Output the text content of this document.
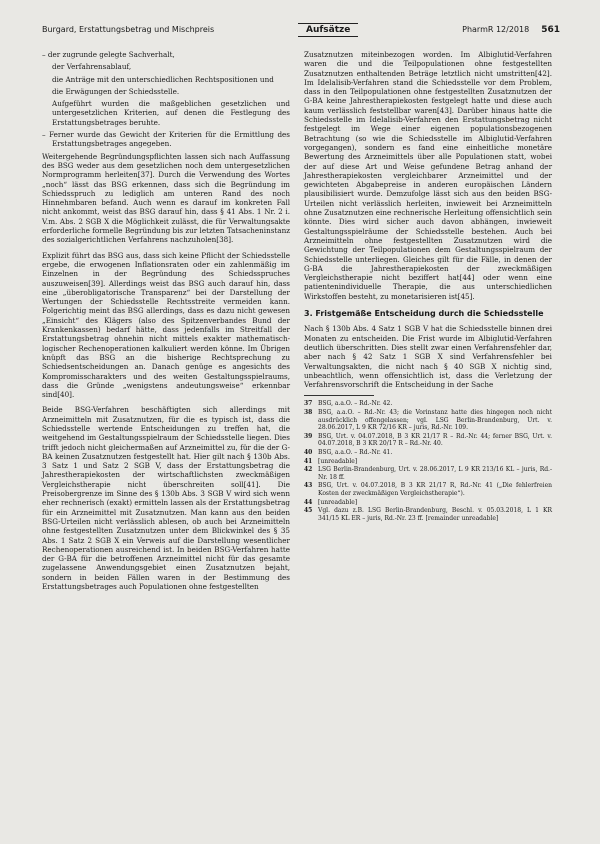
Burgard, Erstattungsbetrag und Mischpreis	Aufsätze	PharmR 12/2018 561

– der zugrunde gelegte Sachverhalt,

der Verfahrensablauf,

die Anträge mit den unterschiedlichen Rechtspositionen und

die Erwägungen der Schiedsstelle.

Aufgeführt wurden die maßgeblichen gesetzlichen und untergesetzlichen Kriterien, auf denen die Festlegung des Erstattungsbetrages beruhte.

– Ferner wurde das Gewicht der Kriterien für die Ermittlung des Erstattungsbetrages angegeben.

Weitergehende Begründungspflichten lassen sich nach Auffassung des BSG weder aus dem gesetzlichen noch dem untergesetzlichen Normprogramm herleiten[37]. Durch die Verwendung des Wortes „noch“ lässt das BSG erkennen, dass sich die Begründung im Schiedsspruch zu lediglich am unteren Rand des noch Hinnehmbaren befand. Auch wenn es darauf im konkreten Fall nicht ankommt, weist das BSG darauf hin, dass § 41 Abs. 1 Nr. 2 i. V.m. Abs. 2 SGB X die Möglichkeit zulässt, die für Verwaltungsakte erforderliche formelle Begründung bis zur letzten Tatsacheninstanz des sozialgerichtlichen Verfahrens nachzuholen[38].

Explizit führt das BSG aus, dass sich keine Pflicht der Schiedsstelle ergebe, die erwogenen Inflationsraten oder ein zahlenmäßig im Einzelnen in der Begründung des Schiedsspruches auszuweisen[39]. Allerdings weist das BSG auch darauf hin, dass eine „überobligatorische Transparenz“ bei der Darstellung der Wertungen der Schiedsstelle Rechtsstreite vermeiden kann. Folgerichtig meint das BSG allerdings, dass es dazu nicht gewesen „Einsicht“ des Klägers (also des Spitzenverbandes Bund der Krankenkassen) bedarf hätte, dass jedenfalls im Streitfall der Erstattungsbetrag ohnehin nicht mittels exakter mathematisch-logischer Rechenoperationen kalkuliert werden könne. Im Übrigen knüpft das BSG an die bisherige Rechtsprechung zu Schiedsentscheidungen an. Danach genüge es angesichts des Kompromisscharakters und des weiten Gestaltungsspielraums, dass die Gründe „wenigstens andeutungsweise“ erkennbar sind[40].

Beide BSG-Verfahren beschäftigten sich allerdings mit Arzneimitteln mit Zusatznutzen, für die es typisch ist, dass die Schiedsstelle wertende Entscheidungen zu treffen hat, die weitgehend im Gestaltungsspielraum der Schiedsstelle liegen. Dies trifft jedoch nicht gleichermaßen auf Arzneimittel zu, für die der G-BA keinen Zusatznutzen festgestellt hat. Hier gilt nach § 130b Abs. 3 Satz 1 und Satz 2 SGB V, dass der Erstattungsbetrag die Jahrestherapiekosten der wirtschaftlichsten zweckmäßigen Vergleichstherapie nicht überschreiten soll[41]. Die Preisobergrenze im Sinne des § 130b Abs. 3 SGB V wird sich wenn eher rechnerisch (exakt) ermitteln lassen als der Erstattungsbetrag für ein Arzneimittel mit Zusatznutzen. Man kann aus den beiden BSG-Urteilen nicht verlässlich ablesen, ob auch bei Arzneimitteln ohne festgestellten Zusatznutzen unter dem Blickwinkel des § 35 Abs. 1 Satz 2 SGB X ein Verweis auf die Darstellung wesentlicher Rechenoperationen ausreichend ist. In beiden BSG-Verfahren hatte der G-BA für die betroffenen Arzneimittel nicht für das gesamte zugelassene Anwendungsgebiet einen Zusatznutzen bejaht, sondern in beiden Fällen waren in der Bestimmung des Erstattungsbetrages auch Populationen ohne festgestellten

Zusatznutzen miteinbezogen worden. Im Albiglutid-Verfahren waren die und die Teilpopulationen ohne festgestellten Zusatznutzen enthaltenden Beträge letztlich nicht umstritten[42]. Im Idelalisib-Verfahren stand die Schiedsstelle vor dem Problem, dass in den Teilpopulationen ohne festgestellten Zusatznutzen der G-BA keine Jahrestherapiekosten festgelegt hatte und diese auch kaum verlässlich feststellbar waren[43]. Darüber hinaus hatte die Schiedsstelle im Idelalisib-Verfahren den Erstattungsbetrag nicht festgelegt im Wege einer eigenen populationsbezogenen Betrachtung (so wie die Schiedsstelle im Albiglutid-Verfahren vorgegangen), sondern es fand eine einheitliche monetäre Bewertung des Arzneimittels über alle Populationen statt, wobei der auf diese Art und Weise gefundene Betrag anhand der Jahrestherapiekosten vergleichbarer Arzneimittel und der gewichteten Abgabepreise in anderen europäischen Ländern plausibilisiert wurde. Demzufolge lässt sich aus den beiden BSG-Urteilen nicht verlässlich herleiten, inwieweit bei Arzneimitteln ohne Zusatznutzen eine rechnerische Herleitung offensichtlich sein könnte. Dies wird sicher auch davon abhängen, inwieweit Gestaltungsspielräume der Schiedsstelle bestehen. Auch bei Arzneimitteln ohne festgestellten Zusatznutzen wird die Gewichtung der Teilpopulationen dem Gestaltungsspielraum der Schiedsstelle unterliegen. Gleiches gilt für die Fälle, in denen der G-BA die Jahrestherapiekosten der zweckmäßigen Vergleichstherapie nicht beziffert hat[44] oder wenn eine patientenindividuelle Therapie, die aus unterschiedlichen Wirkstoffen besteht, zu monetarisieren ist[45].

3. Fristgemäße Entscheidung durch die Schiedsstelle

Nach § 130b Abs. 4 Satz 1 SGB V hat die Schiedsstelle binnen drei Monaten zu entscheiden. Die Frist wurde im Albiglutid-Verfahren deutlich überschritten. Dies stellt zwar einen Verfahrensfehler dar, aber nach § 42 Satz 1 SGB X sind Verfahrensfehler bei Verwaltungsakten, die nicht nach § 40 SGB X nichtig sind, unbeachtlich, wenn offensichtlich ist, dass die Verletzung der Verfahrensvorschrift die Entscheidung in der Sache

37 BSG, a.a.O. – Rd.-Nr. 42.
38 BSG, a.a.O. – Rd.-Nr. 43; die Vorinstanz hatte dies hingegen noch nicht ausdrücklich offengelassen; vgl. LSG Berlin-Brandenburg, Urt. v. 28.06.2017, L 9 KR 72/16 KR – juris, Rd.-Nr. 109.
39 BSG, Urt. v. 04.07.2018, B 3 KR 21/17 R – Rd.-Nr. 44; ferner BSG, Urt. v. 04.07.2018, B 3 KR 20/17 R – Rd.-Nr. 40.
40 BSG, a.a.O. – Rd.-Nr. 41.
41 [unreadable]
42 LSG Berlin-Brandenburg, Urt. v. 28.06.2017, L 9 KR 213/16 KL – juris, Rd.-Nr. 18 ff.
43 BSG, Urt. v. 04.07.2018, B 3 KR 21/17 R, Rd.-Nr. 41 („Die fehlerfreien Kosten der zweckmäßigen Vergleichstherapie“).
44 [unreadable]
45 Vgl. dazu z.B. LSG Berlin-Brandenburg, Beschl. v. 05.03.2018, L 1 KR 341/15 KL ER – juris, Rd.-Nr. 23 ff. [remainder unreadable]
